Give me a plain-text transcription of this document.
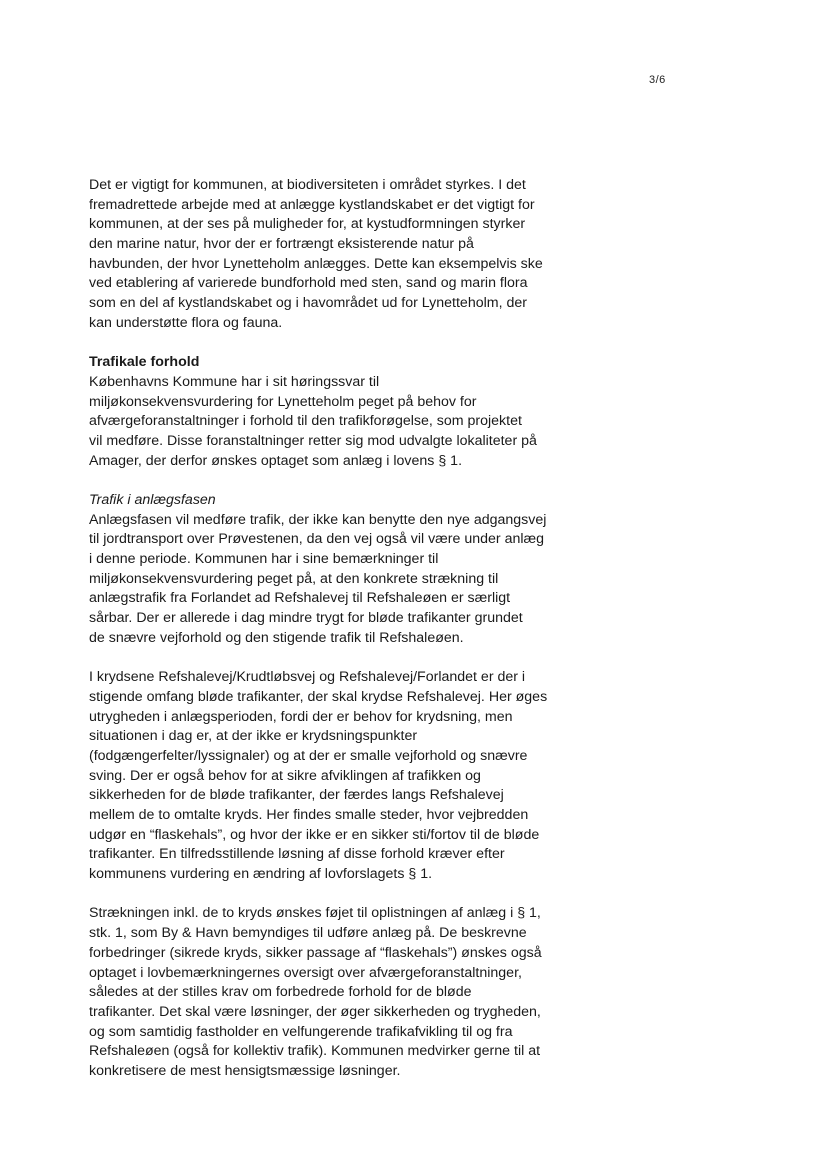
3/6
Det er vigtigt for kommunen, at biodiversiteten i området styrkes. I det
fremadrettede arbejde med at anlægge kystlandskabet er det vigtigt for
kommunen, at der ses på muligheder for, at kystudformningen styrker
den marine natur, hvor der er fortrængt eksisterende natur på
havbunden, der hvor Lynetteholm anlægges. Dette kan eksempelvis ske
ved etablering af varierede bundforhold med sten, sand og marin flora
som en del af kystlandskabet og i havområdet ud for Lynetteholm, der
kan understøtte flora og fauna.
Trafikale forhold
Københavns Kommune har i sit høringssvar til
miljøkonsekvensvurdering for Lynetteholm peget på behov for
afværgeforanstaltninger i forhold til den trafikforøgelse, som projektet
vil medføre. Disse foranstaltninger retter sig mod udvalgte lokaliteter på
Amager, der derfor ønskes optaget som anlæg i lovens § 1.
Trafik i anlægsfasen
Anlægsfasen vil medføre trafik, der ikke kan benytte den nye adgangsvej
til jordtransport over Prøvestenen, da den vej også vil være under anlæg
i denne periode. Kommunen har i sine bemærkninger til
miljøkonsekvensvurdering peget på, at den konkrete strækning til
anlægstrafik fra Forlandet ad Refshalevej til Refshaleøen er særligt
sårbar. Der er allerede i dag mindre trygt for bløde trafikanter grundet
de snævre vejforhold og den stigende trafik til Refshaleøen.
I krydsene Refshalevej/Krudtløbsvej og Refshalevej/Forlandet er der i
stigende omfang bløde trafikanter, der skal krydse Refshalevej. Her øges
utrygheden i anlægsperioden, fordi der er behov for krydsning, men
situationen i dag er, at der ikke er krydsningspunkter
(fodgængerfelter/lyssignaler) og at der er smalle vejforhold og snævre
sving. Der er også behov for at sikre afviklingen af trafikken og
sikkerheden for de bløde trafikanter, der færdes langs Refshalevej
mellem de to omtalte kryds. Her findes smalle steder, hvor vejbredden
udgør en “flaskehals”, og hvor der ikke er en sikker sti/fortov til de bløde
trafikanter. En tilfredsstillende løsning af disse forhold kræver efter
kommunens vurdering en ændring af lovforslagets § 1.
Strækningen inkl. de to kryds ønskes føjet til oplistningen af anlæg i § 1,
stk. 1, som By & Havn bemyndiges til udføre anlæg på. De beskrevne
forbedringer (sikrede kryds, sikker passage af “flaskehals”) ønskes også
optaget i lovbemærkningernes oversigt over afværgeforanstaltninger,
således at der stilles krav om forbedrede forhold for de bløde
trafikanter. Det skal være løsninger, der øger sikkerheden og trygheden,
og som samtidig fastholder en velfungerende trafikafvikling til og fra
Refshaleøen (også for kollektiv trafik). Kommunen medvirker gerne til at
konkretisere de mest hensigtsmæssige løsninger.
